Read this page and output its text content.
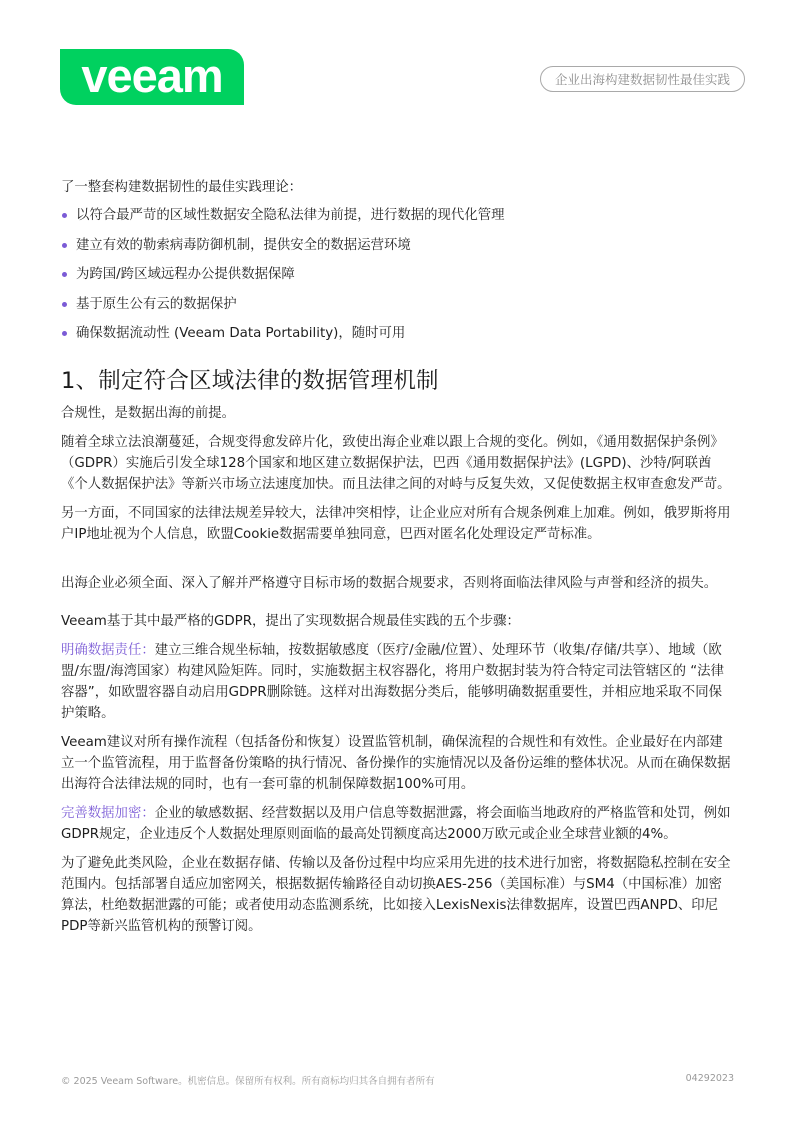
veeam	企业出海构建数据韧性最佳实践

了一整套构建数据韧性的最佳实践理论：

以符合最严苛的区域性数据安全隐私法律为前提，进行数据的现代化管理
建立有效的勒索病毒防御机制，提供安全的数据运营环境
为跨国/跨区域远程办公提供数据保障
基于原生公有云的数据保护
确保数据流动性 (Veeam Data Portability)，随时可用
1、制定符合区域法律的数据管理机制

合规性，是数据出海的前提。

随着全球立法浪潮蔓延，合规变得愈发碎片化，致使出海企业难以跟上合规的变化。例如，《通用数据保护条例》（GDPR）实施后引发全球128个国家和地区建立数据保护法，巴西《通用数据保护法》(LGPD)、沙特/阿联酋《个人数据保护法》等新兴市场立法速度加快。而且法律之间的对峙与反复失效，又促使数据主权审查愈发严苛。

另一方面，不同国家的法律法规差异较大，法律冲突相悖，让企业应对所有合规条例难上加难。例如，俄罗斯将用户IP地址视为个人信息，欧盟Cookie数据需要单独同意，巴西对匿名化处理设定严苛标准。

出海企业必须全面、深入了解并严格遵守目标市场的数据合规要求，否则将面临法律风险与声誉和经济的损失。

Veeam基于其中最严格的GDPR，提出了实现数据合规最佳实践的五个步骤：

明确数据责任：建立三维合规坐标轴，按数据敏感度（医疗/金融/位置）、处理环节（收集/存储/共享）、地域（欧盟/东盟/海湾国家）构建风险矩阵。同时，实施数据主权容器化，将用户数据封装为符合特定司法管辖区的 “法律容器”，如欧盟容器自动启用GDPR删除链。这样对出海数据分类后，能够明确数据重要性，并相应地采取不同保护策略。

Veeam建议对所有操作流程（包括备份和恢复）设置监管机制，确保流程的合规性和有效性。企业最好在内部建立一个监管流程，用于监督备份策略的执行情况、备份操作的实施情况以及备份运维的整体状况。从而在确保数据出海符合法律法规的同时，也有一套可靠的机制保障数据100%可用。

完善数据加密：企业的敏感数据、经营数据以及用户信息等数据泄露，将会面临当地政府的严格监管和处罚，例如GDPR规定，企业违反个人数据处理原则面临的最高处罚额度高达2000万欧元或企业全球营业额的4%。

为了避免此类风险，企业在数据存储、传输以及备份过程中均应采用先进的技术进行加密，将数据隐私控制在安全范围内。包括部署自适应加密网关，根据数据传输路径自动切换AES-256（美国标准）与SM4（中国标准）加密算法，杜绝数据泄露的可能；或者使用动态监测系统，比如接入LexisNexis法律数据库，设置巴西ANPD、印尼PDP等新兴监管机构的预警订阅。

© 2025 Veeam Software。机密信息。保留所有权利。所有商标均归其各自拥有者所有	04292023
